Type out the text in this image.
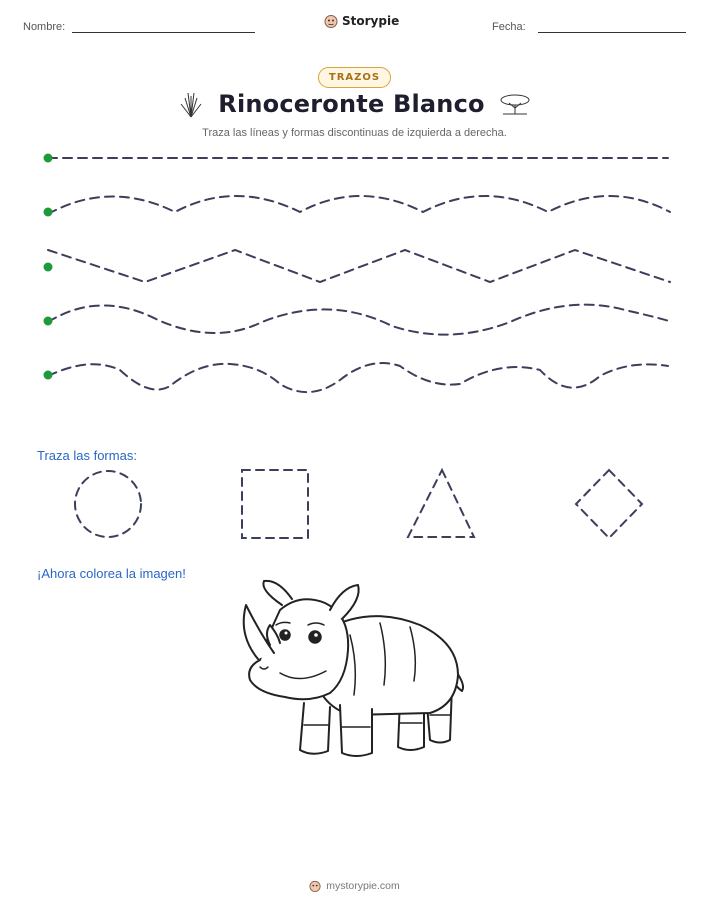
Nombre:	Storypie	Fecha:
TRAZOS
Rinoceronte Blanco
Traza las líneas y formas discontinuas de izquierda a derecha.
Traza las formas:
¡Ahora colorea la imagen!
mystorypie.com
